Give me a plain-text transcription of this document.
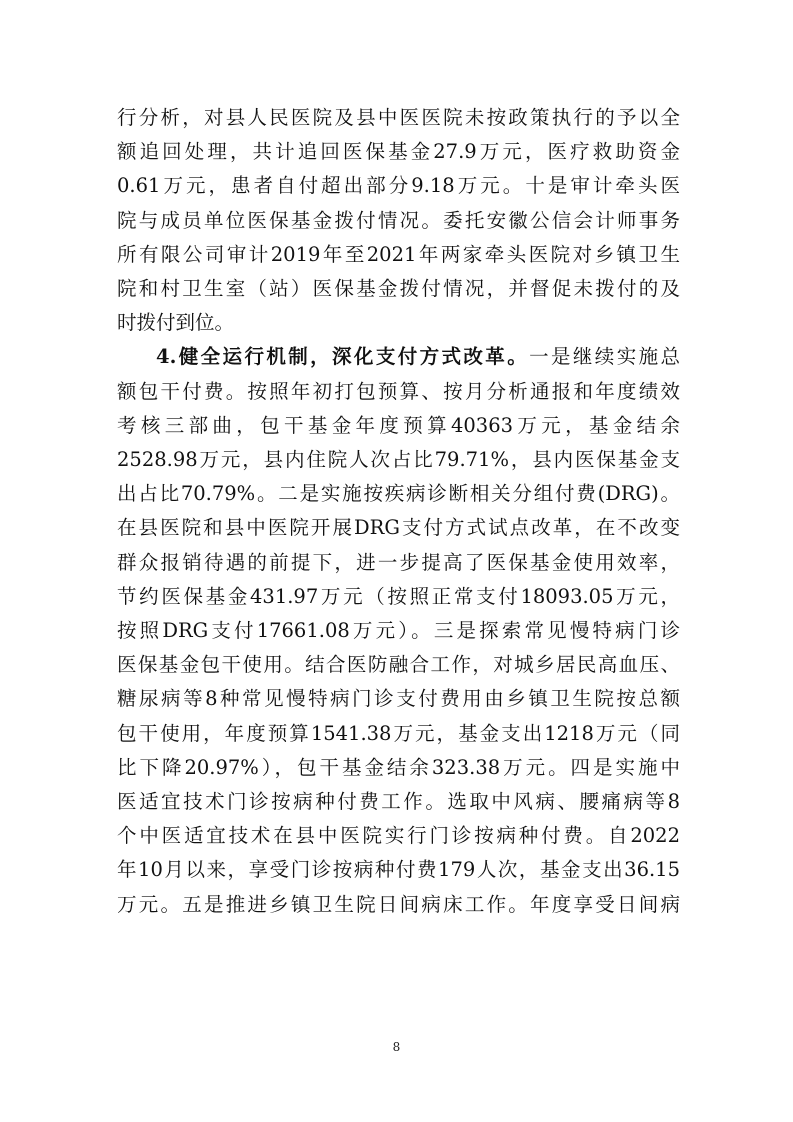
行分析，对县人民医院及县中医医院未按政策执行的予以全
额追回处理，共计追回医保基金27.9万元，医疗救助资金
0.61万元，患者自付超出部分9.18万元。十是审计牵头医
院与成员单位医保基金拨付情况。委托安徽公信会计师事务
所有限公司审计2019年至2021年两家牵头医院对乡镇卫生
院和村卫生室（站）医保基金拨付情况，并督促未拨付的及
时拨付到位。
4.健全运行机制，深化支付方式改革。一是继续实施总
额包干付费。按照年初打包预算、按月分析通报和年度绩效
考核三部曲，包干基金年度预算40363万元，基金结余
2528.98万元，县内住院人次占比79.71%，县内医保基金支
出占比70.79%。二是实施按疾病诊断相关分组付费(DRG)。
在县医院和县中医院开展DRG支付方式试点改革，在不改变
群众报销待遇的前提下，进一步提高了医保基金使用效率，
节约医保基金431.97万元（按照正常支付18093.05万元，
按照DRG支付17661.08万元）。三是探索常见慢特病门诊
医保基金包干使用。结合医防融合工作，对城乡居民高血压、
糖尿病等8种常见慢特病门诊支付费用由乡镇卫生院按总额
包干使用，年度预算1541.38万元，基金支出1218万元（同
比下降20.97%），包干基金结余323.38万元。四是实施中
医适宜技术门诊按病种付费工作。选取中风病、腰痛病等8
个中医适宜技术在县中医院实行门诊按病种付费。自2022
年10月以来，享受门诊按病种付费179人次，基金支出36.15
万元。五是推进乡镇卫生院日间病床工作。年度享受日间病
8
